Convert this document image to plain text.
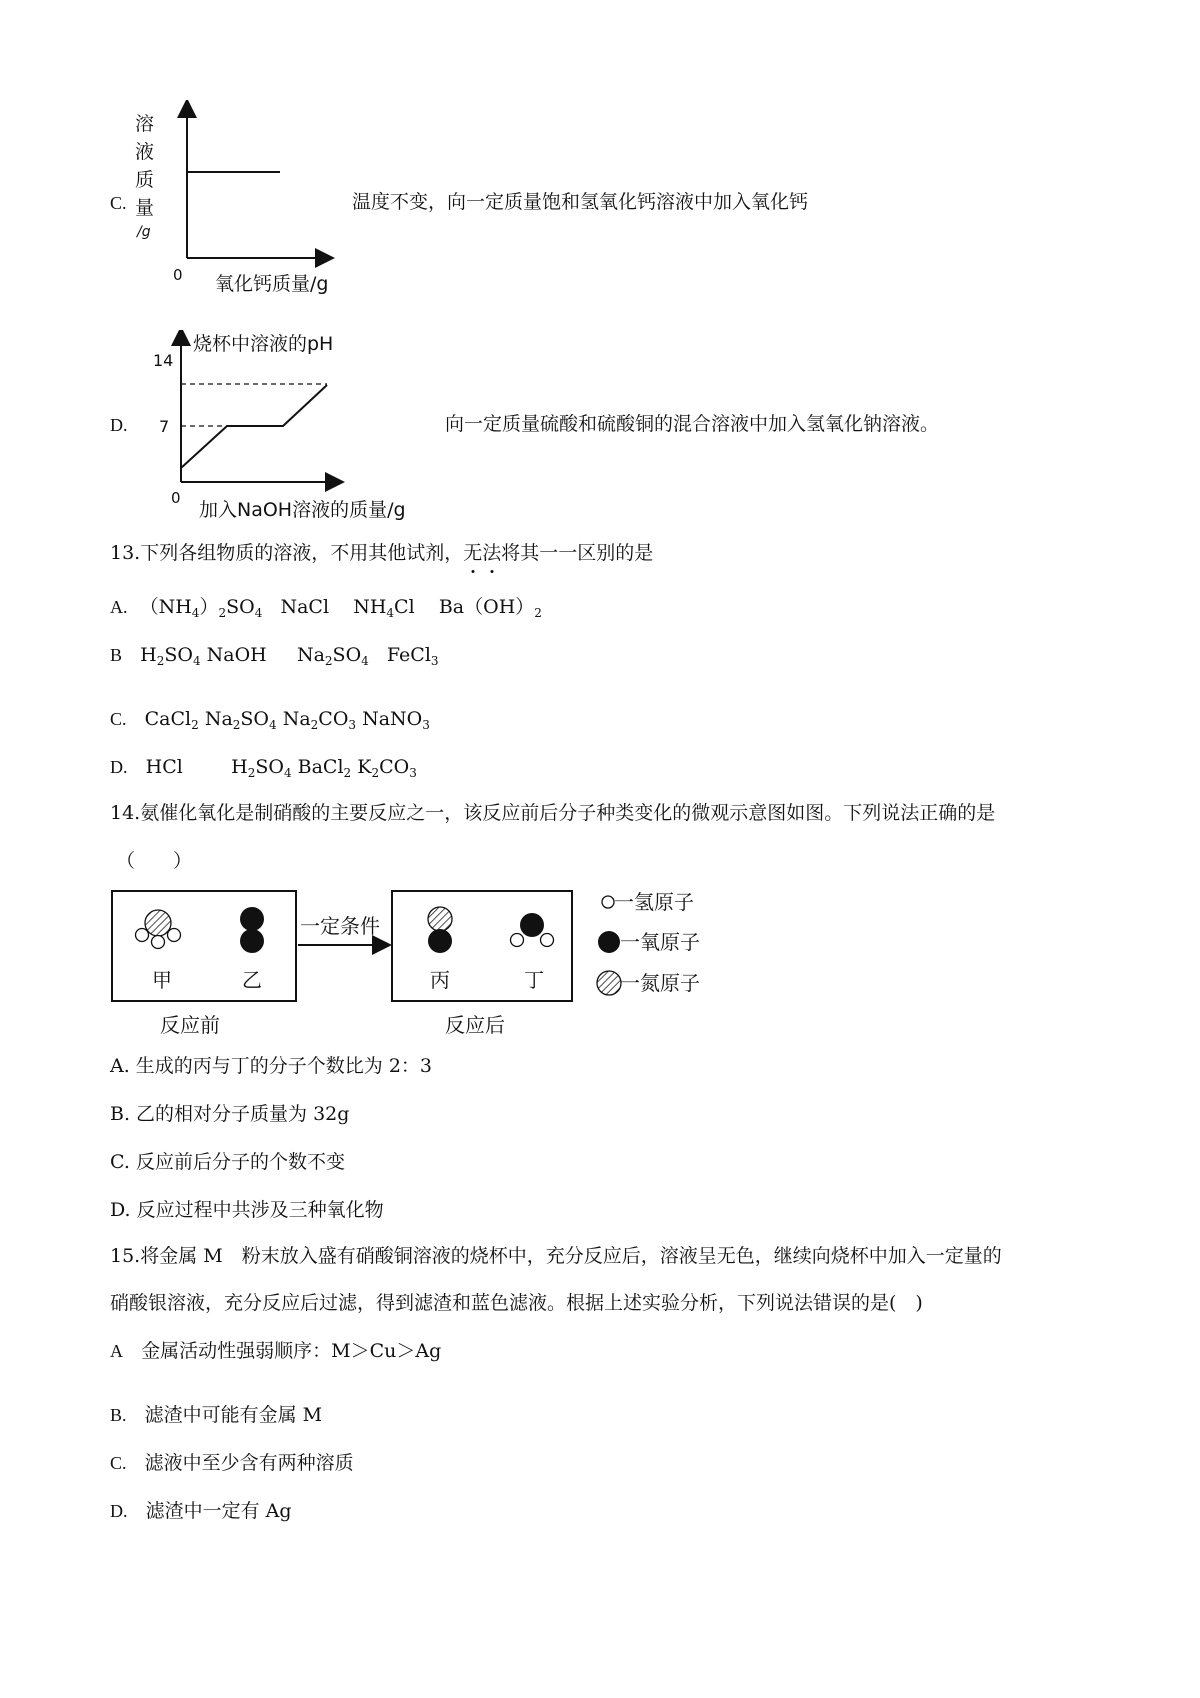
C.
溶
液
质
量
/g
0 氧化钙质量/g
温度不变，向一定质量饱和氢氧化钙溶液中加入氧化钙
D.
烧杯中溶液的pH
14
7
0
加入NaOH溶液的质量/g
向一定质量硫酸和硫酸铜的混合溶液中加入氢氧化钠溶液。
13.下列各组物质的溶液，不用其他试剂，无法将其一一区别的是
A. $(NH_4)_2SO_4$ NaCl $NH_4Cl$ $Ba(OH)_2$
B $H_2SO_4$ NaOH $Na_2SO_4$ FeCl$_3$
C. CaCl$_2$ $Na_2SO_4$ $Na_2CO_3$ NaNO$_3$
D. HCl	$H_2SO_4$ BaCl$_2$ $K_2CO_3$
14.氨催化氧化是制硝酸的主要反应之一，该反应前后分子种类变化的微观示意图如图。下列说法正确的是
（　　）
甲	乙
反应前
一定条件
丙	丁
反应后
一氢原子
一氧原子
一氮原子
A. 生成的丙与丁的分子个数比为 2：3
B. 乙的相对分子质量为 32g
C. 反应前后分子的个数不变
D. 反应过程中共涉及三种氧化物
15.将金属 M　粉末放入盛有硝酸铜溶液的烧杯中，充分反应后，溶液呈无色，继续向烧杯中加入一定量的
硝酸银溶液，充分反应后过滤，得到滤渣和蓝色滤液。根据上述实验分析，下列说法错误的是(　)
A 金属活动性强弱顺序：M＞Cu＞Ag
B. 滤渣中可能有金属 M
C. 滤液中至少含有两种溶质
D. 滤渣中一定有 Ag
